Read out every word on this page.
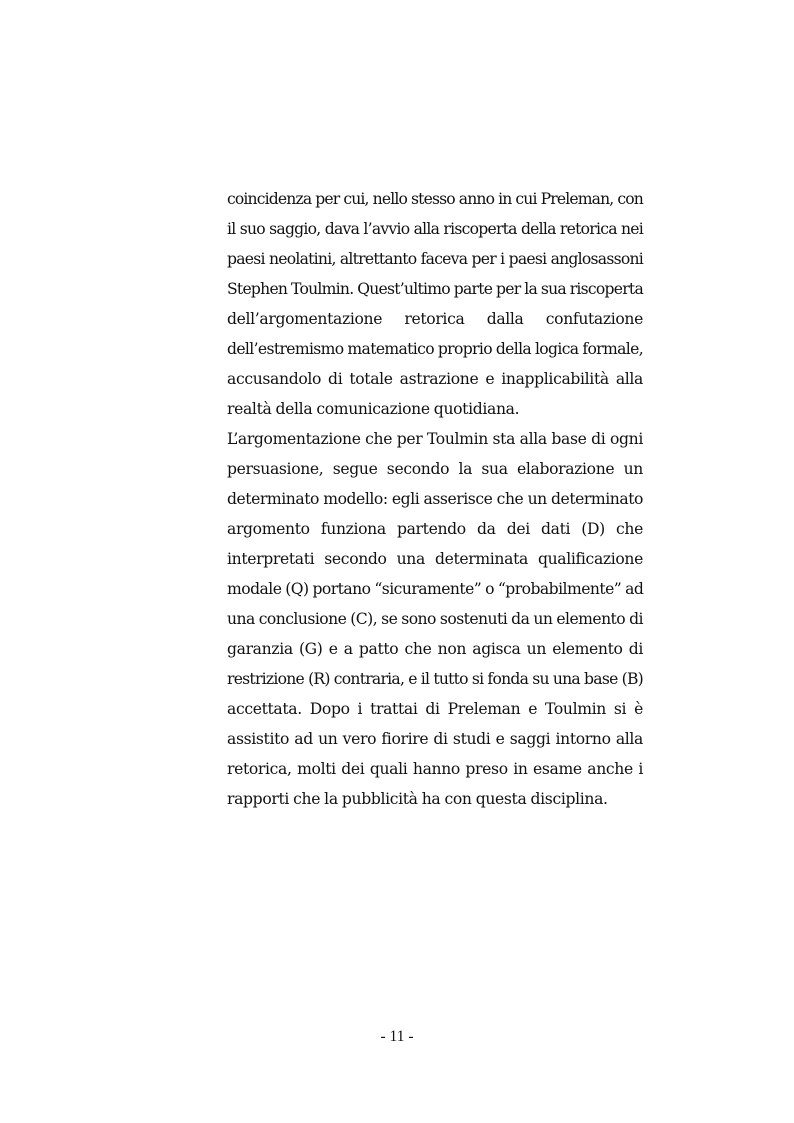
coincidenza per cui, nello stesso anno in cui Preleman, con
il suo saggio, dava l’avvio alla riscoperta della retorica nei
paesi neolatini, altrettanto faceva per i paesi anglosassoni
Stephen Toulmin. Quest’ultimo parte per la sua riscoperta
dell’argomentazione retorica dalla confutazione
dell’estremismo matematico proprio della logica formale,
accusandolo di totale astrazione e inapplicabilità alla
realtà della comunicazione quotidiana.
L’argomentazione che per Toulmin sta alla base di ogni
persuasione, segue secondo la sua elaborazione un
determinato modello: egli asserisce che un determinato
argomento funziona partendo da dei dati (D) che
interpretati secondo una determinata qualificazione
modale (Q) portano “sicuramente” o “probabilmente” ad
una conclusione (C), se sono sostenuti da un elemento di
garanzia (G) e a patto che non agisca un elemento di
restrizione (R) contraria, e il tutto si fonda su una base (B)
accettata. Dopo i trattai di Preleman e Toulmin si è
assistito ad un vero fiorire di studi e saggi intorno alla
retorica, molti dei quali hanno preso in esame anche i
rapporti che la pubblicità ha con questa disciplina.
- 11 -
